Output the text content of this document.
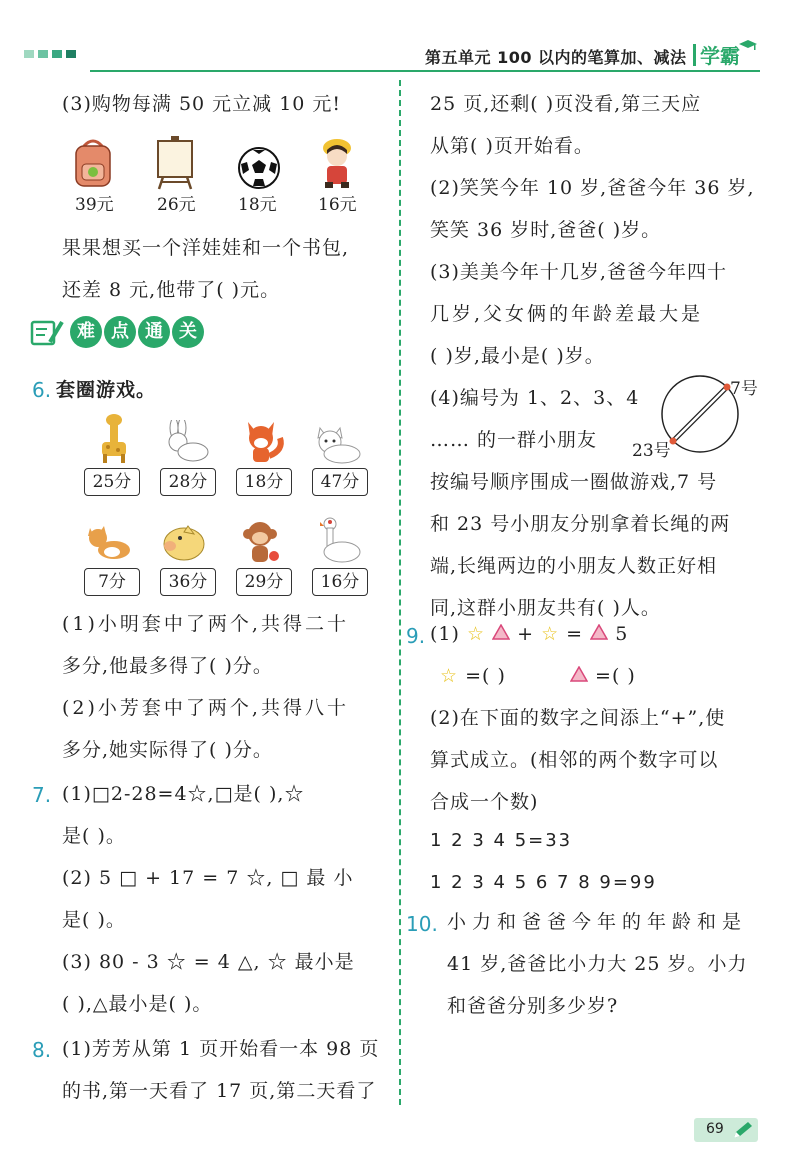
第五单元 100 以内的笔算加、减法 学霸
(3)购物每满 50 元立减 10 元!
39元	26元 18元 16元
果果想买一个洋娃娃和一个书包,
还差 8 元,他带了( )元。
难 点 通 关
6. 套圈游戏。
25分	28分	18分	47分
7分	36分	29分	16分
(1)小明套中了两个,共得二十
多分,他最多得了( )分。
(2)小芳套中了两个,共得八十
多分,她实际得了( )分。
7. (1)□2-28=4☆,□是( ),☆
是( )。
(2) 5 □ + 17 = 7 ☆, □ 最 小
是( )。
(3) 80 - 3 ☆ = 4 △, ☆ 最小是
( ),△最小是( )。
8. (1)芳芳从第 1 页开始看一本 98 页
的书,第一天看了 17 页,第二天看了
25 页,还剩( )页没看,第三天应
从第( )页开始看。
(2)笑笑今年 10 岁,爸爸今年 36 岁,
笑笑 36 岁时,爸爸( )岁。
(3)美美今年十几岁,爸爸今年四十
几岁,父女俩的年龄差最大是
( )岁,最小是( )岁。
(4)编号为 1、2、3、4
…… 的一群小朋友
7号
23号
按编号顺序围成一圈做游戏,7 号
和 23 号小朋友分别拿着长绳的两
端,长绳两边的小朋友人数正好相
同,这群小朋友共有( )人。
9. (1) ☆ + ☆ = 5
☆ =( )	=( )
(2)在下面的数字之间添上“+”,使
算式成立。(相邻的两个数字可以
合成一个数)
1 2 3 4 5=33
1 2 3 4 5 6 7 8 9=99
10. 小力和爸爸今年的年龄和是
41 岁,爸爸比小力大 25 岁。小力
和爸爸分别多少岁?
69
